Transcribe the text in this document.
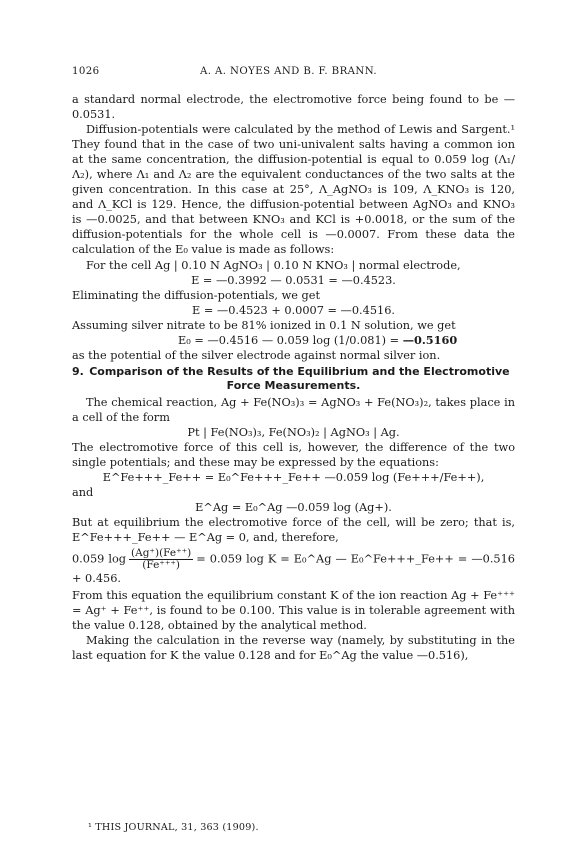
1026	A. A. NOYES AND B. F. BRANN.

a standard normal electrode, the electromotive force being found to be —0.0531.

Diffusion-potentials were calculated by the method of Lewis and Sargent.¹ They found that in the case of two uni-univalent salts having a common ion at the same concentration, the diffusion-potential is equal to 0.059 log (Λ₁/Λ₂), where Λ₁ and Λ₂ are the equivalent conductances of the two salts at the given concentration. In this case at 25°, Λ_AgNO₃ is 109, Λ_KNO₃ is 120, and Λ_KCl is 129. Hence, the diffusion-potential between AgNO₃ and KNO₃ is —0.0025, and that between KNO₃ and KCl is +0.0018, or the sum of the diffusion-potentials for the whole cell is —0.0007. From these data the calculation of the E₀ value is made as follows:

For the cell Ag | 0.10 N AgNO₃ | 0.10 N KNO₃ | normal electrode,

E = —0.3992 — 0.0531 = —0.4523.

Eliminating the diffusion-potentials, we get

E = —0.4523 + 0.0007 = —0.4516.

Assuming silver nitrate to be 81% ionized in 0.1 N solution, we get

E₀ = —0.4516 — 0.059 log (1/0.081) = —0.5160

as the potential of the silver electrode against normal silver ion.

9. Comparison of the Results of the Equilibrium and the Electromotive Force Measurements.

The chemical reaction, Ag + Fe(NO₃)₃ = AgNO₃ + Fe(NO₃)₂, takes place in a cell of the form

Pt | Fe(NO₃)₃, Fe(NO₃)₂ | AgNO₃ | Ag.

The electromotive force of this cell is, however, the difference of the two single potentials; and these may be expressed by the equations:

E^Fe+++_Fe++ = E₀^Fe+++_Fe++ —0.059 log (Fe+++/Fe++),

and

E^Ag = E₀^Ag —0.059 log (Ag+).

But at equilibrium the electromotive force of the cell, will be zero; that is, E^Fe+++_Fe++ — E^Ag = 0, and, therefore,

0.059 $\log \frac{(Ag^+)(Fe^{++})}{(Fe^{+++})} = 0.059$ log K = E₀^Ag — E₀^Fe+++_Fe++ = —0.516 + 0.456.

From this equation the equilibrium constant K of the ion reaction Ag + Fe⁺⁺⁺ = Ag⁺ + Fe⁺⁺, is found to be 0.100. This value is in tolerable agreement with the value 0.128, obtained by the analytical method.

Making the calculation in the reverse way (namely, by substituting in the last equation for K the value 0.128 and for E₀^Ag the value —0.516),

¹ THIS JOURNAL, 31, 363 (1909).
